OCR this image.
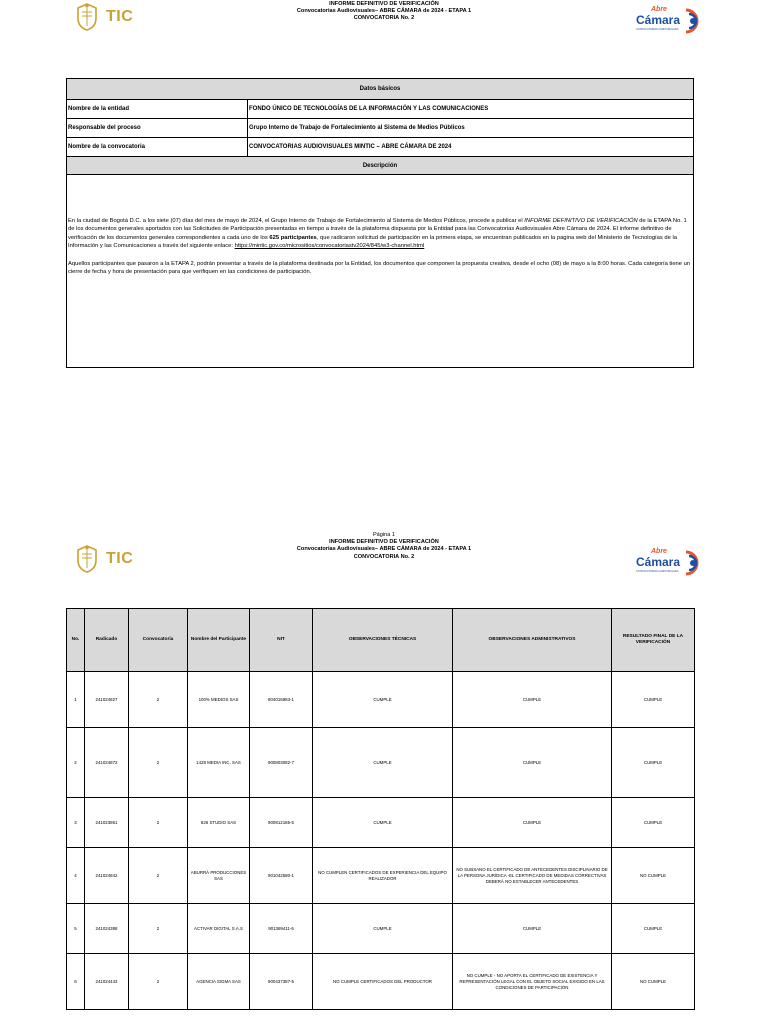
TIC
INFORME DEFINITIVO DE VERIFICACIÓN
Convocatorias Audiovisuales– ABRE CÁMARA de 2024 - ETAPA 1
CONVOCATORIA No. 2
Abre
Cámara
CONVOCATORIAS AUDIOVISUALES
Datos básicos	
Nombre de la entidad	FONDO ÚNICO DE TECNOLOGÍAS DE LA INFORMACIÓN Y LAS COMUNICACIONES
Responsable del proceso	Grupo Interno de Trabajo de Fortalecimiento al Sistema de Medios Públicos
Nombre de la convocatoria	CONVOCATORIAS AUDIOVISUALES MINTIC – ABRE CÁMARA DE 2024
Descripción	

En la ciudad de Bogotá D.C. a los siete (07) días del mes de mayo de 2024, el Grupo Interno de Trabajo de Fortalecimiento al Sistema de Medios Públicos, procede a publicar el INFORME DEFINITIVO DE VERIFICACIÓN de la ETAPA No. 1 de los documentos generales aportados con las Solicitudes de Participación presentadas en tiempo a través de la plataforma dispuesta por la Entidad para las Convocatorias Audiovisuales Abre Cámara de 2024. El informe definitivo de verificación de los documentos generales correspondientes a cada uno de los 625 participantes, que radicaron solicitud de participación en la primera etapa, se encuentran publicados en la pagina web del Ministerio de Tecnologías de la Información y las Comunicaciones a través del siguiente enlace: https://mintic.gov.co/micrositios/convocatoriastv2024/845/w3-channel.html

Aquellos participantes que pasaron a la ETAPA 2, podrán presentar a través de la plataforma destinada por la Entidad, los documentos que componen la propuesta creativa, desde el ocho (08) de mayo a la 8:00 horas. Cada categoría tiene un cierre de fecha y hora de presentación para que verifiquen en las condiciones de participación.	

TIC
Página 1
INFORME DEFINITIVO DE VERIFICACIÓN
Convocatorias Audiovisuales– ABRE CÁMARA de 2024 - ETAPA 1
CONVOCATORIA No. 2
Abre
Cámara
CONVOCATORIAS AUDIOVISUALES
No.	Radicado	Convocatoria	Nombre del Participante	NIT	OBSERVACIONES TÉCNICAS	OBSERVACIONES ADMINISTRATIVOS	RESULTADO FINAL DE LA VERIFICACIÓN
1	241024827	2	100% MEDIOS SAS	804016983-1	CUMPLE	CUMPLE	CUMPLE
2	241024872	2	1428 MEDIA INC. SAS	900803082-7	CUMPLE	CUMPLE	CUMPLE
3	241023861	2	826 STUDIO SAS	900812185-5	CUMPLE	CUMPLE	CUMPLE
4	241024842	2	ABURRÁ PRODUCCIONES SAS	901042580-1	NO CUMPLEN CERTIFICADOS DE EXPERIENCIA DEL EQUIPO REALIZADOR	NO SUBSANO EL CERTIFICADO DE ANTECEDENTES DISCIPLINARIO DE LA PERSONA JURÍDICA -EL CERTIFICADO DE MEDIDAS CORRECTIVAS DEBERÁ NO ESTABLECER ANTECEDENTES	NO CUMPLE
5	241024388	2	ACTIVAR DIGITAL S.A.S	901369411-6	CUMPLE	CUMPLE	CUMPLE
6	241024443	2	AGENCIA SIGMA SAS	900437387-5	NO CUMPLE CERTIFICADOS DEL PRODUCTOR	NO CUMPLE - NO APORTA EL CERTIFICADO DE EXISTENCIA Y REPRESENTACIÓN LEGAL CON EL OBJETO SOCIAL EXIGIDO EN LAS CONDICIONES DE PARTICIPACIÓN	NO CUMPLE
